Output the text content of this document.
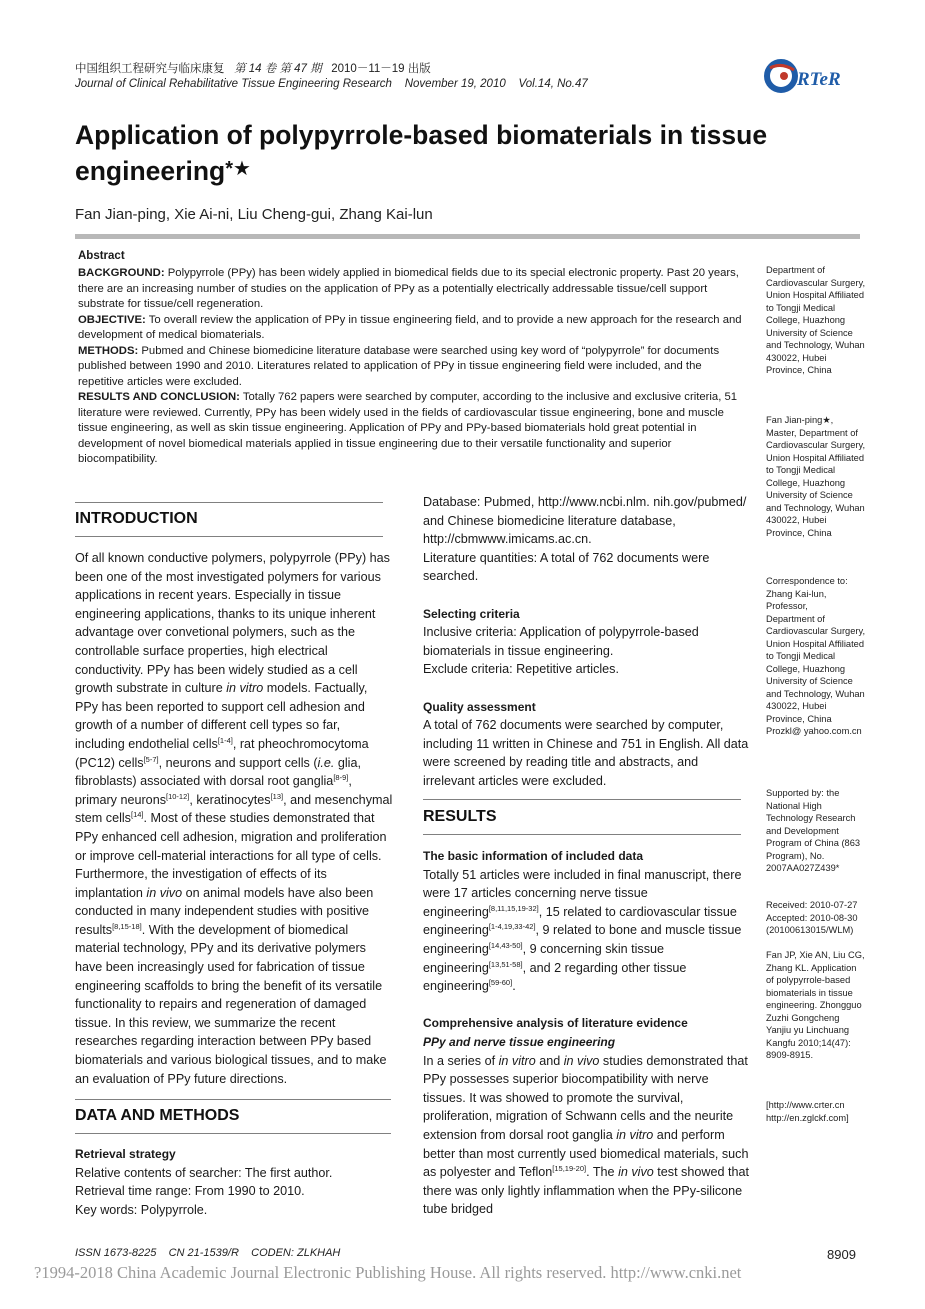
中国组织工程研究与临床康复 第 14 卷 第 47 期 2010－11－19 出版
Journal of Clinical Rehabilitative Tissue Engineering Research November 19, 2010 Vol.14, No.47	RTeR
Application of polypyrrole-based biomaterials in tissue engineering*★
Fan Jian-ping, Xie Ai-ni, Liu Cheng-gui, Zhang Kai-lun
Abstract

BACKGROUND: Polypyrrole (PPy) has been widely applied in biomedical fields due to its special electronic property. Past 20 years, there are an increasing number of studies on the application of PPy as a potentially electrically addressable tissue/cell support substrate for tissue/cell regeneration.

OBJECTIVE: To overall review the application of PPy in tissue engineering field, and to provide a new approach for the research and development of medical biomaterials.

METHODS: Pubmed and Chinese biomedicine literature database were searched using key word of “polypyrrole” for documents published between 1990 and 2010. Literatures related to application of PPy in tissue engineering field were included, and the repetitive articles were excluded.

RESULTS AND CONCLUSION: Totally 762 papers were searched by computer, according to the inclusive and exclusive criteria, 51 literature were reviewed. Currently, PPy has been widely used in the fields of cardiovascular tissue engineering, bone and muscle tissue engineering, as well as skin tissue engineering. Application of PPy and PPy-based biomaterials hold great potential in development of novel biomedical materials applied in tissue engineering due to their versatile functionality and superior biocompatibility.

Department of Cardiovascular Surgery, Union Hospital Affiliated to Tongji Medical College, Huazhong University of Science and Technology, Wuhan 430022, Hubei Province, China

Fan Jian-ping★,

Master, Department of Cardiovascular Surgery, Union Hospital Affiliated to Tongji Medical College, Huazhong University of Science and Technology, Wuhan 430022, Hubei Province, China

Correspondence to:

Zhang Kai-lun, Professor,

Department of Cardiovascular Surgery, Union Hospital Affiliated to Tongji Medical College, Huazhong University of Science and Technology, Wuhan 430022, Hubei Province, China

Prozkl@ yahoo.com.cn

Supported by: the National High Technology Research and Development Program of China (863 Program), No. 2007AA027Z439*

Received: 2010-07-27

Accepted: 2010-08-30

(20100613015/WLM)

Fan JP, Xie AN, Liu CG, Zhang KL. Application of polypyrrole-based biomaterials in tissue engineering. Zhongguo Zuzhi Gongcheng Yanjiu yu Linchuang Kangfu 2010;14(47): 8909-8915.

[http://www.crter.cn http://en.zglckf.com]

INTRODUCTION

Of all known conductive polymers, polypyrrole (PPy) has been one of the most investigated polymers for various applications in recent years. Especially in tissue engineering applications, thanks to its unique inherent advantage over convetional polymers, such as the controllable surface properties, high electrical conductivity. PPy has been widely studied as a cell growth substrate in culture in vitro models. Factually, PPy has been reported to support cell adhesion and growth of a number of different cell types so far, including endothelial cells[1-4], rat pheochromocytoma (PC12) cells[5-7], neurons and support cells (i.e. glia, fibroblasts) associated with dorsal root ganglia[8-9], primary neurons[10-12], keratinocytes[13], and mesenchymal stem cells[14]. Most of these studies demonstrated that PPy enhanced cell adhesion, migration and proliferation or improve cell-material interactions for all type of cells. Furthermore, the investigation of effects of its implantation in vivo on animal models have also been conducted in many independent studies with positive results[8,15-18]. With the development of biomedical material technology, PPy and its derivative polymers have been increasingly used for fabrication of tissue engineering scaffolds to bring the benefit of its versatile functionality to repairs and regeneration of damaged tissue. In this review, we summarize the recent researches regarding interaction between PPy based biomaterials and various biological tissues, and to make an evaluation of PPy future directions.

DATA AND METHODS

Retrieval strategy

Relative contents of searcher: The first author.

Retrieval time range: From 1990 to 2010.

Key words: Polypyrrole.

Database: Pubmed, http://www.ncbi.nlm. nih.gov/pubmed/ and Chinese biomedicine literature database, http://cbmwww.imicams.ac.cn.

Literature quantities: A total of 762 documents were searched.

Selecting criteria

Inclusive criteria: Application of polypyrrole-based biomaterials in tissue engineering.

Exclude criteria: Repetitive articles.

Quality assessment

A total of 762 documents were searched by computer, including 11 written in Chinese and 751 in English. All data were screened by reading title and abstracts, and irrelevant articles were excluded.

RESULTS

The basic information of included data

Totally 51 articles were included in final manuscript, there were 17 articles concerning nerve tissue engineering[8,11,15,19-32], 15 related to cardiovascular tissue engineering[1-4,19,33-42], 9 related to bone and muscle tissue engineering[14,43-50], 9 concerning skin tissue engineering[13,51-58], and 2 regarding other tissue engineering[59-60].

Comprehensive analysis of literature evidence

PPy and nerve tissue engineering

In a series of in vitro and in vivo studies demonstrated that PPy possesses superior biocompatibility with nerve tissues. It was showed to promote the survival, proliferation, migration of Schwann cells and the neurite extension from dorsal root ganglia in vitro and perform better than most currently used biomedical materials, such as polyester and Teflon[15,19-20]. The in vivo test showed that there was only lightly inflammation when the PPy-silicone tube bridged

ISSN 1673-8225 CN 21-1539/R CODEN: ZLKHAH	8909
?1994-2018 China Academic Journal Electronic Publishing House. All rights reserved. http://www.cnki.net
